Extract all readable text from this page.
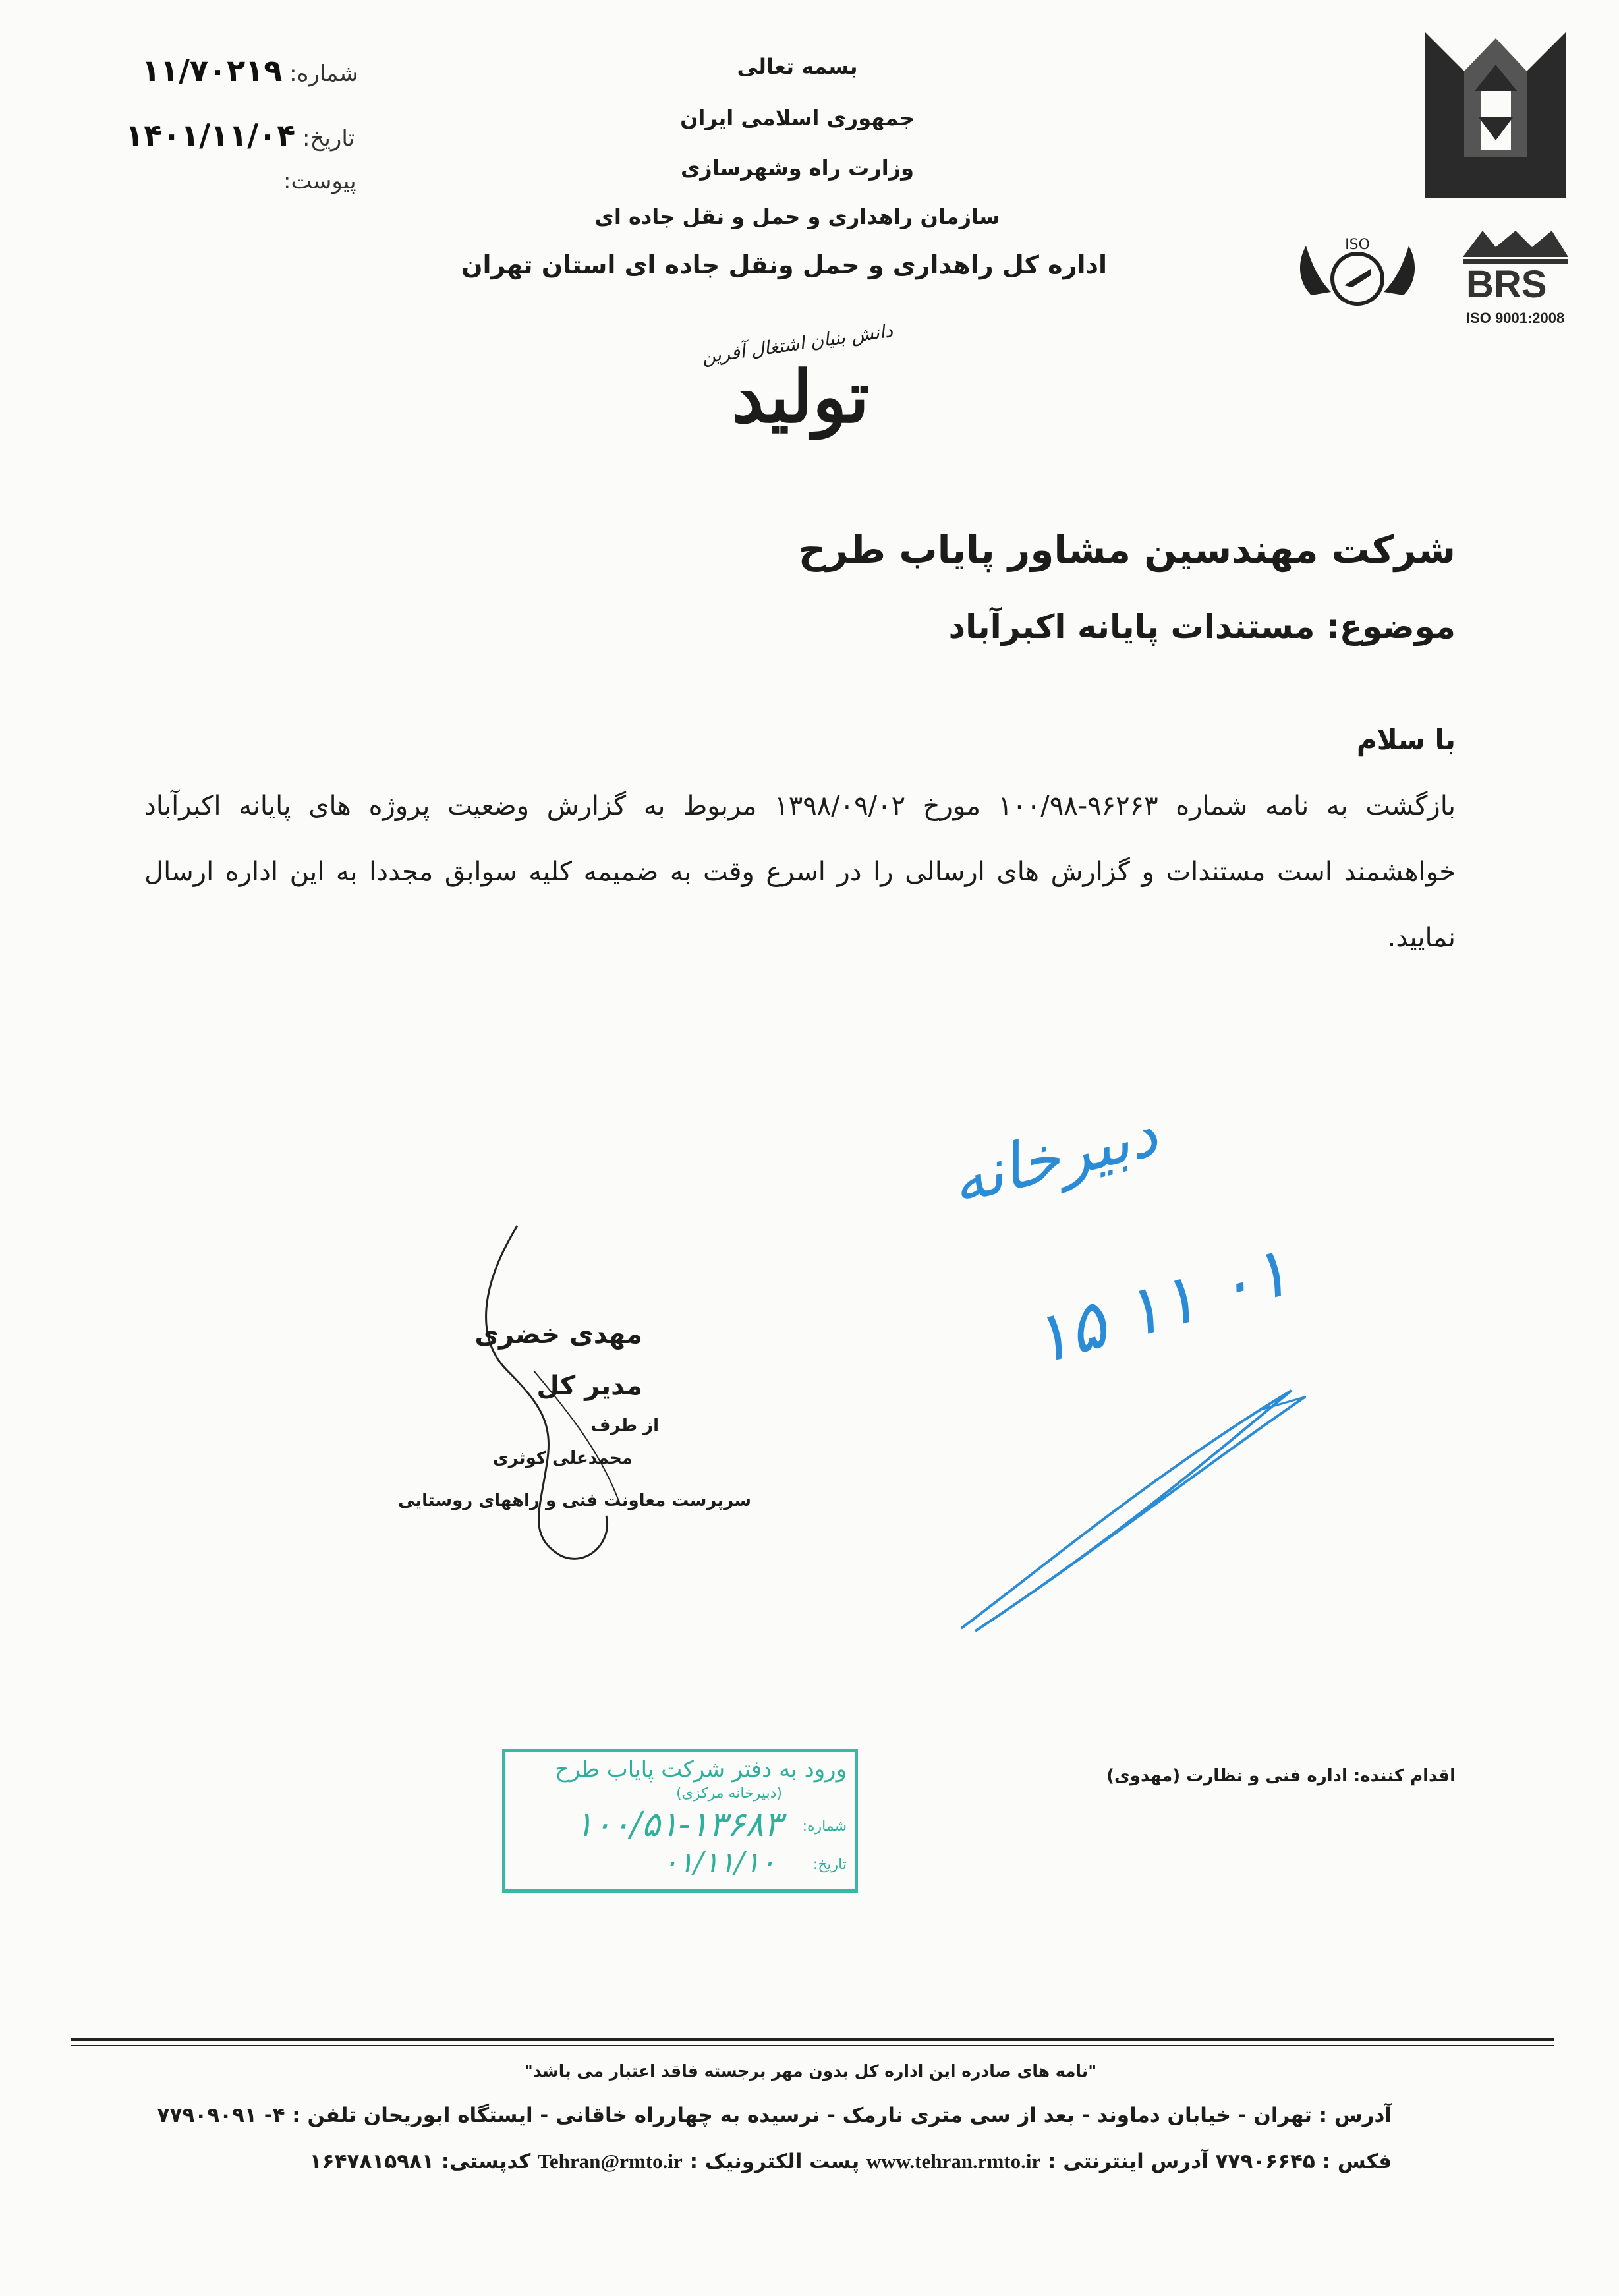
ISO
BRS
ISO 9001:2008
بسمه تعالی
جمهوری اسلامی ایران
وزارت راه وشهرسازی
سازمان راهداری و حمل و نقل جاده ای
اداره کل راهداری و حمل ونقل جاده ای استان تهران
دانش بنیان اشتغال آفرین
تولید
شماره: ۱۱/۷۰۲۱۹
تاریخ: ۱۴۰۱/۱۱/۰۴
پیوست:
شرکت مهندسین مشاور پایاب طرح
موضوع: مستندات پایانه اکبرآباد
با سلام
بازگشت به نامه شماره ۹۶۲۶۳-۱۰۰/۹۸ مورخ ۱۳۹۸/۰۹/۰۲ مربوط به گزارش وضعیت پروژه های پایانه اکبرآباد
خواهشمند است مستندات و گزارش های ارسالی را در اسرع وقت به ضمیمه کلیه سوابق مجددا به این اداره ارسال
نمایید.
دبیرخانه
۱۵ ۱۱ ۰۱
مهدی خضری
مدیر کل
از طرف
محمدعلی کوثری
سرپرست معاونت فنی و راههای روستایی
اقدام کننده: اداره فنی و نظارت (مهدوی)
ورود به دفتر شرکت پایاب طرح
(دبیرخانه مرکزی)
شماره:
۱۰۰/۵۱-۱۳۶۸۳
تاریخ:
۰۱/۱۱/۱۰
"نامه های صادره این اداره کل بدون مهر برجسته فاقد اعتبار می باشد"
آدرس : تهران - خیابان دماوند - بعد از سی متری نارمک - نرسیده به چهارراه خاقانی - ایستگاه ابوریحان تلفن : ۴- ۷۷۹۰۹۰۹۱
فکس : ۷۷۹۰۶۶۴۵ آدرس اینترنتی : www.tehran.rmto.ir پست الکترونیک : Tehran@rmto.ir کدپستی: ۱۶۴۷۸۱۵۹۸۱
